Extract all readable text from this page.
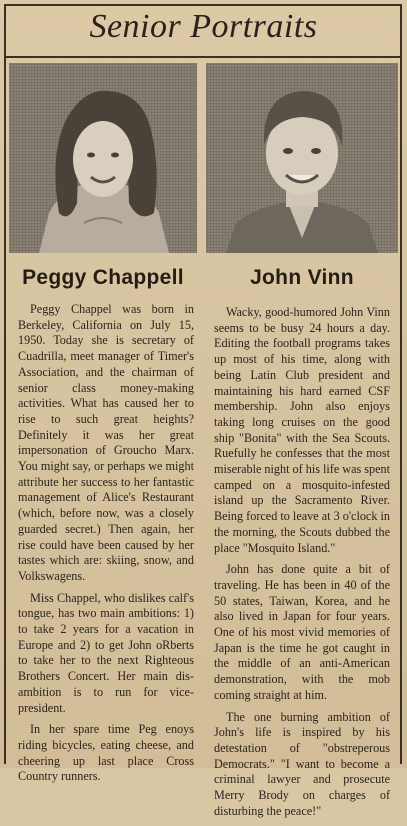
Senior Portraits
Peggy Chappell	John Vinn

Peggy Chappel was born in Berkeley, California on July 15, 1950. Today she is secretary of Cuadrilla, meet manager of Timer's Association, and the chairman of senior class money-making activities. What has caused her to rise to such great heights? Definitely it was her great impersonation of Groucho Marx. You might say, or perhaps we might attribute her success to her fantastic management of Alice's Restaurant (which, before now, was a closely guarded secret.) Then again, her rise could have been caused by her tastes which are: skiing, snow, and Volkswagens.

Miss Chappel, who dislikes calf's tongue, has two main ambitions: 1) to take 2 years for a vacation in Europe and 2) to get John oRberts to take her to the next Righteous Brothers Concert. Her main dis-ambition is to run for vice-president.

In her spare time Peg enoys riding bicycles, eating cheese, and cheering up last place Cross Country runners.

Wacky, good-humored John Vinn seems to be busy 24 hours a day. Editing the football programs takes up most of his time, along with being Latin Club president and maintaining his hard earned CSF membership. John also enjoys taking long cruises on the good ship "Bonita" with the Sea Scouts. Ruefully he confesses that the most miserable night of his life was spent camped on a mosquito-infested island up the Sacramento River. Being forced to leave at 3 o'clock in the morning, the Scouts dubbed the place "Mosquito Island."

John has done quite a bit of traveling. He has been in 40 of the 50 states, Taiwan, Korea, and he also lived in Japan for four years. One of his most vivid memories of Japan is the time he got caught in the middle of an anti-American demonstration, with the mob coming straight at him.

The one burning ambition of John's life is inspired by his detestation of "obstreperous Democrats." "I want to become a criminal lawyer and prosecute Merry Brody on charges of disturbing the peace!"
